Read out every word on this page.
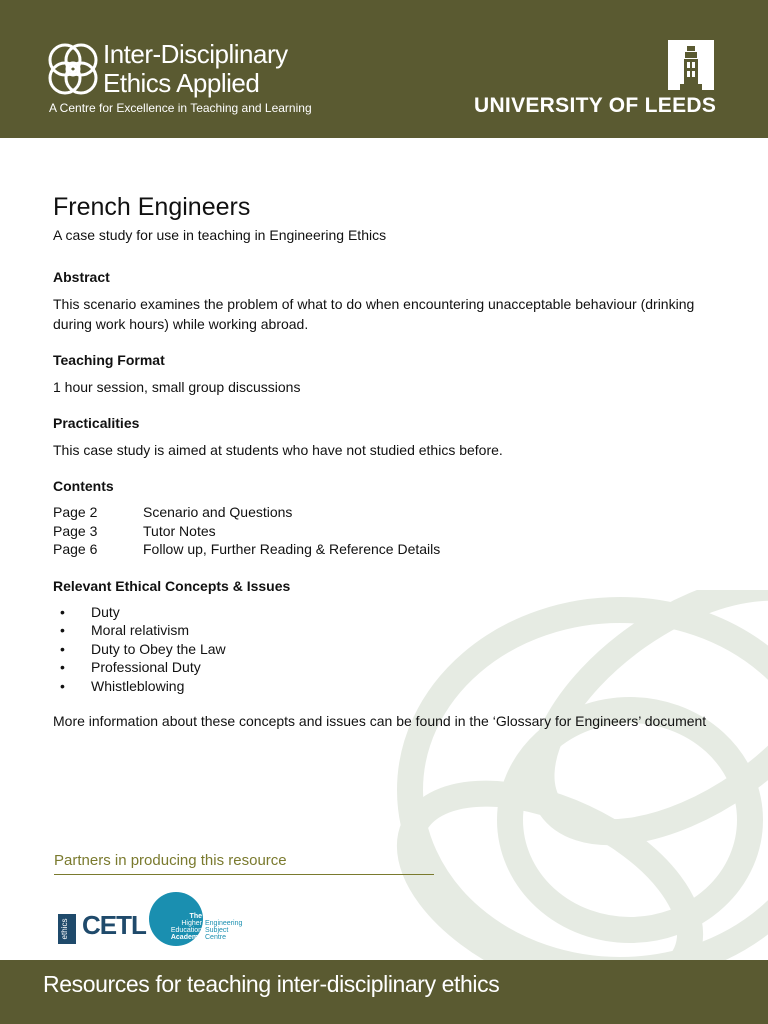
Inter-Disciplinary
Ethics Applied
A Centre for Excellence in Teaching and Learning	UNIVERSITY OF LEEDS
French Engineers
A case study for use in teaching in Engineering Ethics
Abstract
This scenario examines the problem of what to do when encountering unacceptable behaviour (drinking during work hours) while working abroad.
Teaching Format
1 hour session, small group discussions
Practicalities
This case study is aimed at students who have not studied ethics before.
Contents
Page 2	Scenario and Questions
Page 3	Tutor Notes
Page 6	Follow up, Further Reading & Reference Details
Relevant Ethical Concepts & Issues
• Duty
• Moral relativism
• Duty to Obey the Law
• Professional Duty
• Whistleblowing
More information about these concepts and issues can be found in the ‘Glossary for Engineers’ document
Partners in producing this resource
ethics CETL	The
Higher
Education
Academy
Engineering
Subject
Centre
Resources for teaching inter-disciplinary ethics
